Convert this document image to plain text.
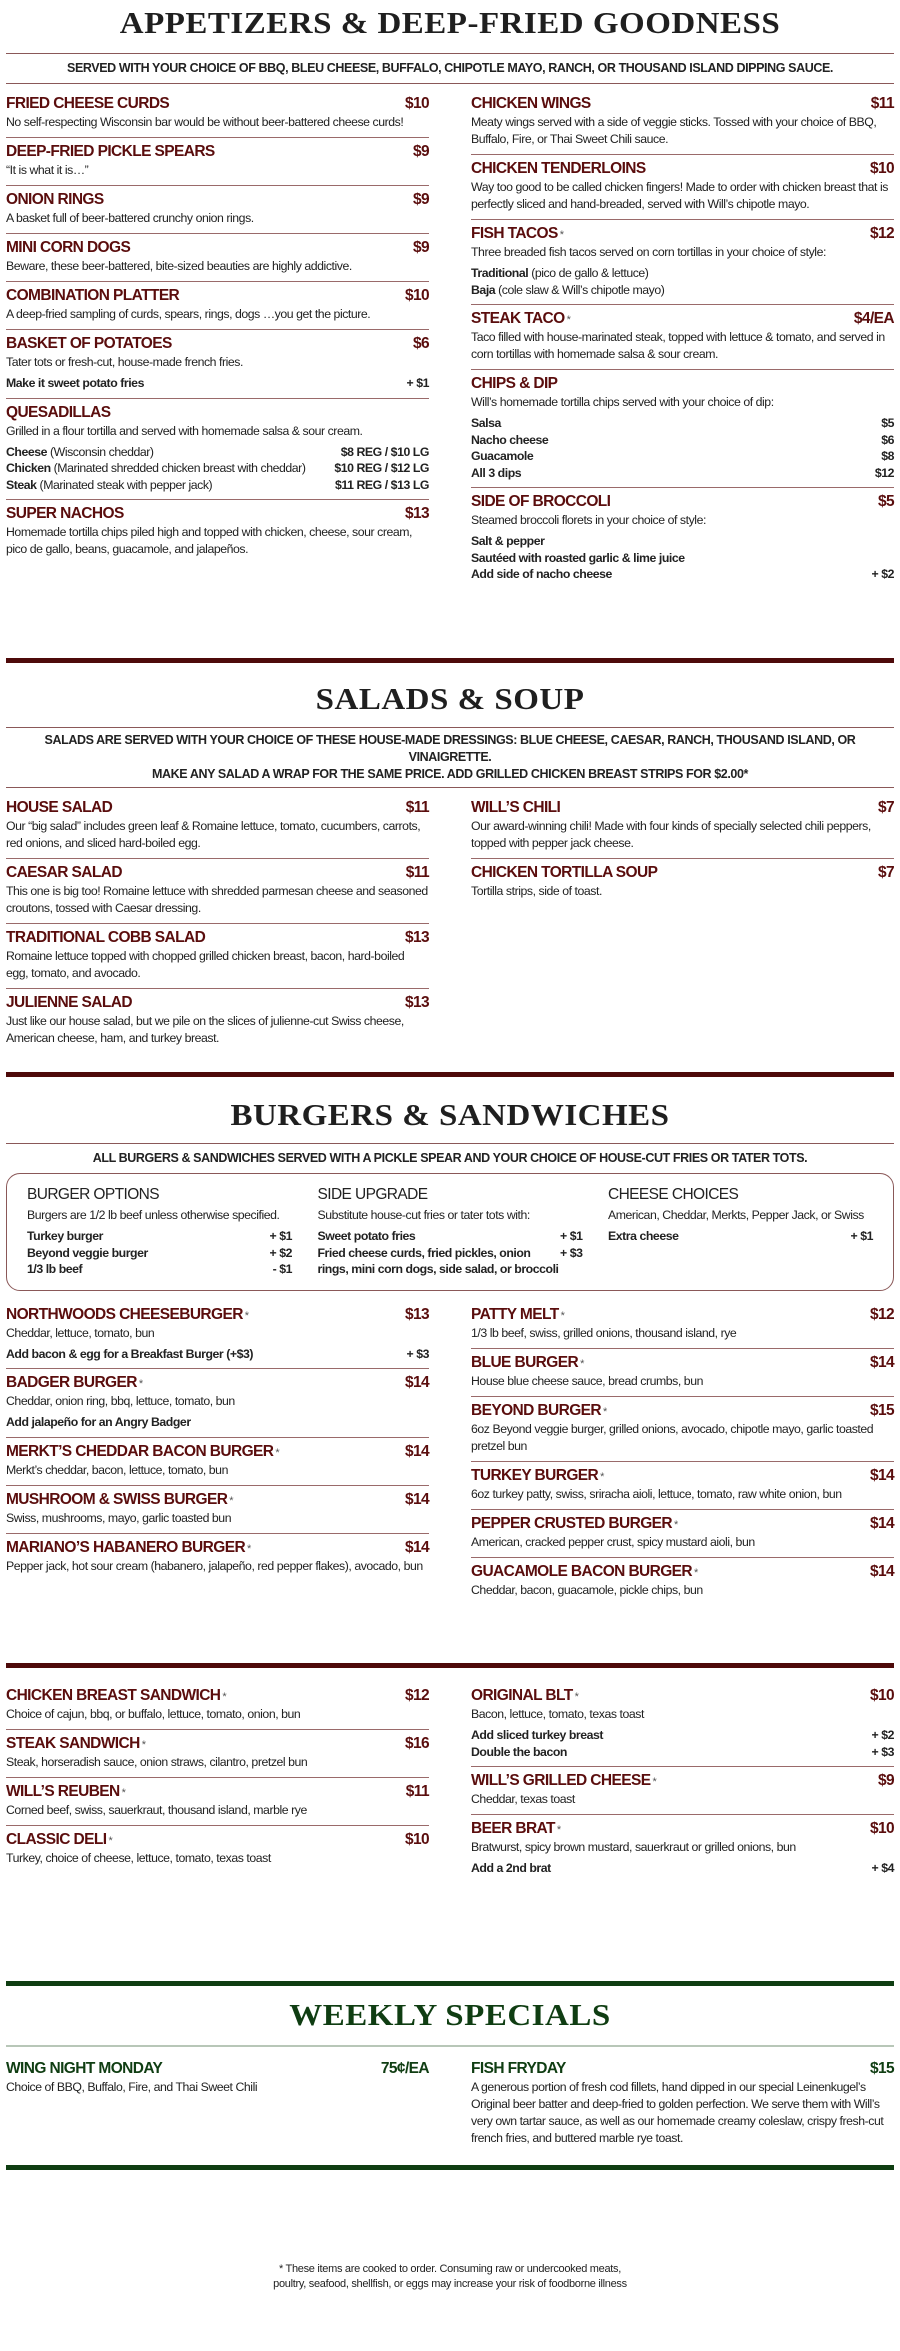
APPETIZERS & DEEP-FRIED GOODNESS
SERVED WITH YOUR CHOICE OF BBQ, BLEU CHEESE, BUFFALO, CHIPOTLE MAYO, RANCH, OR THOUSAND ISLAND DIPPING SAUCE.
FRIED CHEESE CURDS	$10
No self-respecting Wisconsin bar would be without beer-battered cheese curds!
DEEP-FRIED PICKLE SPEARS	$9
“It is what it is…”
ONION RINGS	$9
A basket full of beer-battered crunchy onion rings.
MINI CORN DOGS	$9
Beware, these beer-battered, bite-sized beauties are highly addictive.
COMBINATION PLATTER	$10
A deep-fried sampling of curds, spears, rings, dogs …you get the picture.
BASKET OF POTATOES	$6
Tater tots or fresh-cut, house-made french fries.
Make it sweet potato fries	+ $1
QUESADILLAS
Grilled in a flour tortilla and served with homemade salsa & sour cream.
Cheese (Wisconsin cheddar)	$8 REG / $10 LG
Chicken (Marinated shredded chicken breast with cheddar) $10 REG / $12 LG
Steak (Marinated steak with pepper jack)	$11 REG / $13 LG
SUPER NACHOS	$13
Homemade tortilla chips piled high and topped with chicken, cheese, sour cream, pico de gallo, beans, guacamole, and jalapeños.
CHICKEN WINGS	$11
Meaty wings served with a side of veggie sticks. Tossed with your choice of BBQ, Buffalo, Fire, or Thai Sweet Chili sauce.
CHICKEN TENDERLOINS	$10
Way too good to be called chicken fingers! Made to order with chicken breast that is perfectly sliced and hand-breaded, served with Will’s chipotle mayo.
FISH TACOS *	$12
Three breaded fish tacos served on corn tortillas in your choice of style:
Traditional (pico de gallo & lettuce)
Baja (cole slaw & Will’s chipotle mayo)
STEAK TACO *	$4/EA
Taco filled with house-marinated steak, topped with lettuce & tomato, and served in corn tortillas with homemade salsa & sour cream.
CHIPS & DIP
Will’s homemade tortilla chips served with your choice of dip:
Salsa	$5
Nacho cheese	$6
Guacamole	$8
All 3 dips	$12
SIDE OF BROCCOLI	$5
Steamed broccoli florets in your choice of style:
Salt & pepper
Sautéed with roasted garlic & lime juice
Add side of nacho cheese	+ $2
SALADS & SOUP
SALADS ARE SERVED WITH YOUR CHOICE OF THESE HOUSE-MADE DRESSINGS: BLUE CHEESE, CAESAR, RANCH, THOUSAND ISLAND, OR VINAIGRETTE.
MAKE ANY SALAD A WRAP FOR THE SAME PRICE. ADD GRILLED CHICKEN BREAST STRIPS FOR $2.00*
HOUSE SALAD	$11
Our “big salad” includes green leaf & Romaine lettuce, tomato, cucumbers, carrots, red onions, and sliced hard-boiled egg.
CAESAR SALAD	$11
This one is big too! Romaine lettuce with shredded parmesan cheese and seasoned croutons, tossed with Caesar dressing.
TRADITIONAL COBB SALAD	$13
Romaine lettuce topped with chopped grilled chicken breast, bacon, hard-boiled egg, tomato, and avocado.
JULIENNE SALAD	$13
Just like our house salad, but we pile on the slices of julienne-cut Swiss cheese, American cheese, ham, and turkey breast.
WILL’S CHILI	$7
Our award-winning chili! Made with four kinds of specially selected chili peppers, topped with pepper jack cheese.
CHICKEN TORTILLA SOUP	$7
Tortilla strips, side of toast.
BURGERS & SANDWICHES
ALL BURGERS & SANDWICHES SERVED WITH A PICKLE SPEAR AND YOUR CHOICE OF HOUSE-CUT FRIES OR TATER TOTS.
BURGER OPTIONS
Burgers are 1/2 lb beef unless otherwise specified.
Turkey burger	+ $1
Beyond veggie burger	+ $2
1/3 lb beef	- $1
SIDE UPGRADE
Substitute house-cut fries or tater tots with:
Sweet potato fries	+ $1
Fried cheese curds, fried pickles, onion rings, mini corn dogs, side salad, or broccoli
+ $3
CHEESE CHOICES
American, Cheddar, Merkts, Pepper Jack, or Swiss
Extra cheese	+ $1
NORTHWOODS CHEESEBURGER *	$13
Cheddar, lettuce, tomato, bun
Add bacon & egg for a Breakfast Burger (+$3)	+ $3
BADGER BURGER *	$14
Cheddar, onion ring, bbq, lettuce, tomato, bun
Add jalapeño for an Angry Badger
MERKT’S CHEDDAR BACON BURGER *	$14
Merkt’s cheddar, bacon, lettuce, tomato, bun
MUSHROOM & SWISS BURGER *	$14
Swiss, mushrooms, mayo, garlic toasted bun
MARIANO’S HABANERO BURGER *	$14
Pepper jack, hot sour cream (habanero, jalapeño, red pepper flakes), avocado, bun
PATTY MELT *	$12
1/3 lb beef, swiss, grilled onions, thousand island, rye
BLUE BURGER *	$14
House blue cheese sauce, bread crumbs, bun
BEYOND BURGER *	$15
6oz Beyond veggie burger, grilled onions, avocado, chipotle mayo, garlic toasted pretzel bun
TURKEY BURGER *	$14
6oz turkey patty, swiss, sriracha aioli, lettuce, tomato, raw white onion, bun
PEPPER CRUSTED BURGER *	$14
American, cracked pepper crust, spicy mustard aioli, bun
GUACAMOLE BACON BURGER *	$14
Cheddar, bacon, guacamole, pickle chips, bun
CHICKEN BREAST SANDWICH *	$12
Choice of cajun, bbq, or buffalo, lettuce, tomato, onion, bun
STEAK SANDWICH *	$16
Steak, horseradish sauce, onion straws, cilantro, pretzel bun
WILL’S REUBEN *	$11
Corned beef, swiss, sauerkraut, thousand island, marble rye
CLASSIC DELI *	$10
Turkey, choice of cheese, lettuce, tomato, texas toast
ORIGINAL BLT *	$10
Bacon, lettuce, tomato, texas toast
Add sliced turkey breast	+ $2
Double the bacon	+ $3
WILL’S GRILLED CHEESE *	$9
Cheddar, texas toast
BEER BRAT *	$10
Bratwurst, spicy brown mustard, sauerkraut or grilled onions, bun
Add a 2nd brat	+ $4
WEEKLY SPECIALS
WING NIGHT MONDAY	75¢/EA
Choice of BBQ, Buffalo, Fire, and Thai Sweet Chili
FISH FRYDAY	$15
A generous portion of fresh cod fillets, hand dipped in our special Leinenkugel’s Original beer batter and deep-fried to golden perfection. We serve them with Will’s very own tartar sauce, as well as our homemade creamy coleslaw, crispy fresh-cut french fries, and buttered marble rye toast.
* These items are cooked to order. Consuming raw or undercooked meats,
poultry, seafood, shellfish, or eggs may increase your risk of foodborne illness
